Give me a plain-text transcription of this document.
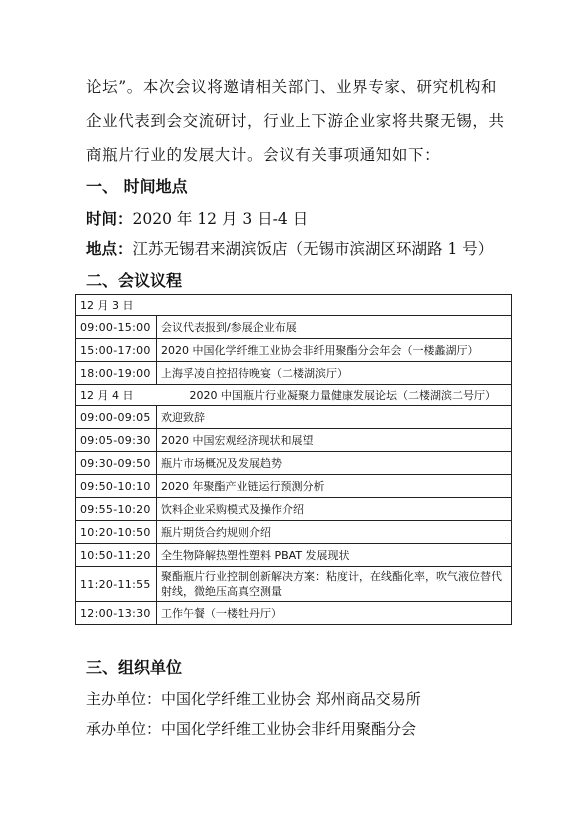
论坛”。本次会议将邀请相关部门、业界专家、研究机构和
企业代表到会交流研讨，行业上下游企业家将共聚无锡，共
商瓶片行业的发展大计。会议有关事项通知如下：
一、 时间地点
时间：2020 年 12 月 3 日-4 日
地点：江苏无锡君来湖滨饭店（无锡市滨湖区环湖路 1 号）
二、会议议程
12 月 3 日	
09:00-15:00	会议代表报到/参展企业布展
15:00-17:00	2020 中国化学纤维工业协会非纤用聚酯分会年会（一楼蠡湖厅）
18:00-19:00	上海孚凌自控招待晚宴（二楼湖滨厅）
12 月 4 日 2020 中国瓶片行业凝聚力量健康发展论坛（二楼湖滨二号厅）	
09:00-09:05	欢迎致辞
09:05-09:30	2020 中国宏观经济现状和展望
09:30-09:50	瓶片市场概况及发展趋势
09:50-10:10	2020 年聚酯产业链运行预测分析
09:55-10:20	饮料企业采购模式及操作介绍
10:20-10:50	瓶片期货合约规则介绍
10:50-11:20	全生物降解热塑性塑料 PBAT 发展现状
11:20-11:55	聚酯瓶片行业控制创新解决方案：粘度计，在线酯化率，吹气液位替代射线，微绝压高真空测量
12:00-13:30	工作午餐（一楼牡丹厅）
三、组织单位
主办单位：中国化学纤维工业协会 郑州商品交易所
承办单位：中国化学纤维工业协会非纤用聚酯分会
